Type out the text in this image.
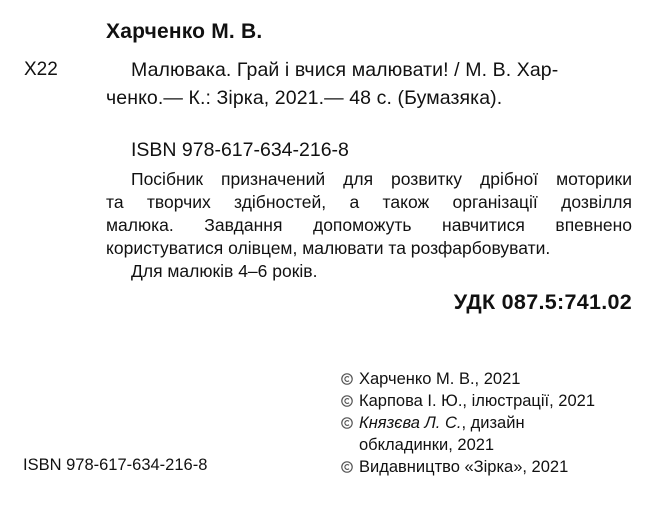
Харченко М. В.
Х22	Малювака. Грай і вчися малювати! / М. В. Хар-
ченко.— К.: Зірка, 2021.— 48 с. (Бумазяка).
ISBN 978-617-634-216-8
Посібник призначений для розвитку дрібної моторики
та творчих здібностей, а також організації дозвілля
малюка. Завдання допоможуть навчитися впевнено
користуватися олівцем, малювати та розфарбовувати.
Для малюків 4–6 років.
УДК 087.5:741.02
Харченко М. В., 2021
Карпова І. Ю., ілюстрації, 2021
Князєва Л. С., дизайн
обкладинки, 2021
Видавництво «Зірка», 2021
ISBN 978-617-634-216-8
